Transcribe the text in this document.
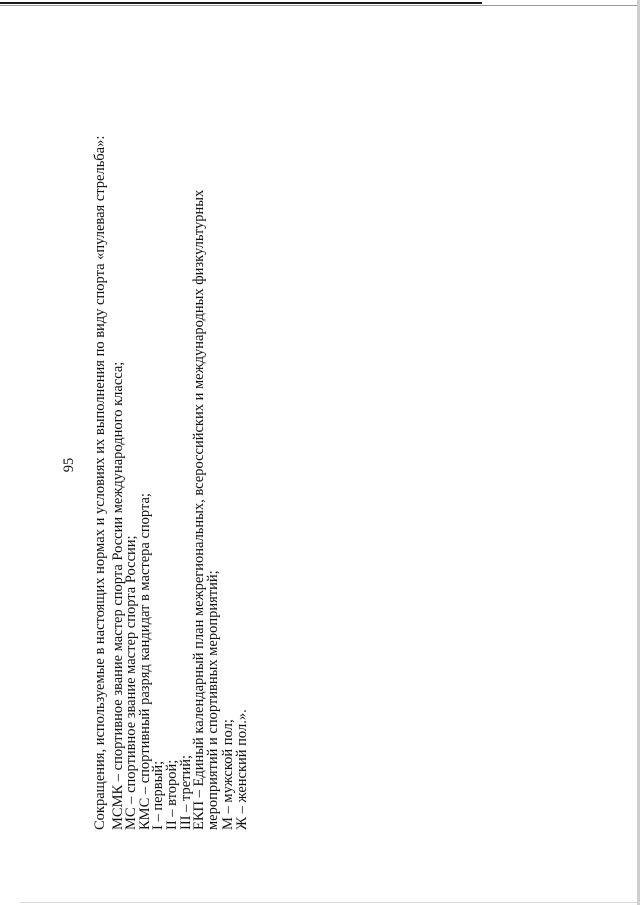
95 Сокращения, используемые в настоящих нормах и условиях их выполнения по виду спорта «пулевая стрельба»: МСМК – спортивное звание мастер спорта России международного класса;

МС – спортивное звание мастер спорта России;

КМС – спортивный разряд кандидат в мастера спорта;

I – первый;

II – второй;

III – третий;

ЕКП – Единый календарный план межрегиональных, всероссийских и международных физкультурных мероприятий и спортивных мероприятий; М – мужской пол;

Ж – женский пол.».
